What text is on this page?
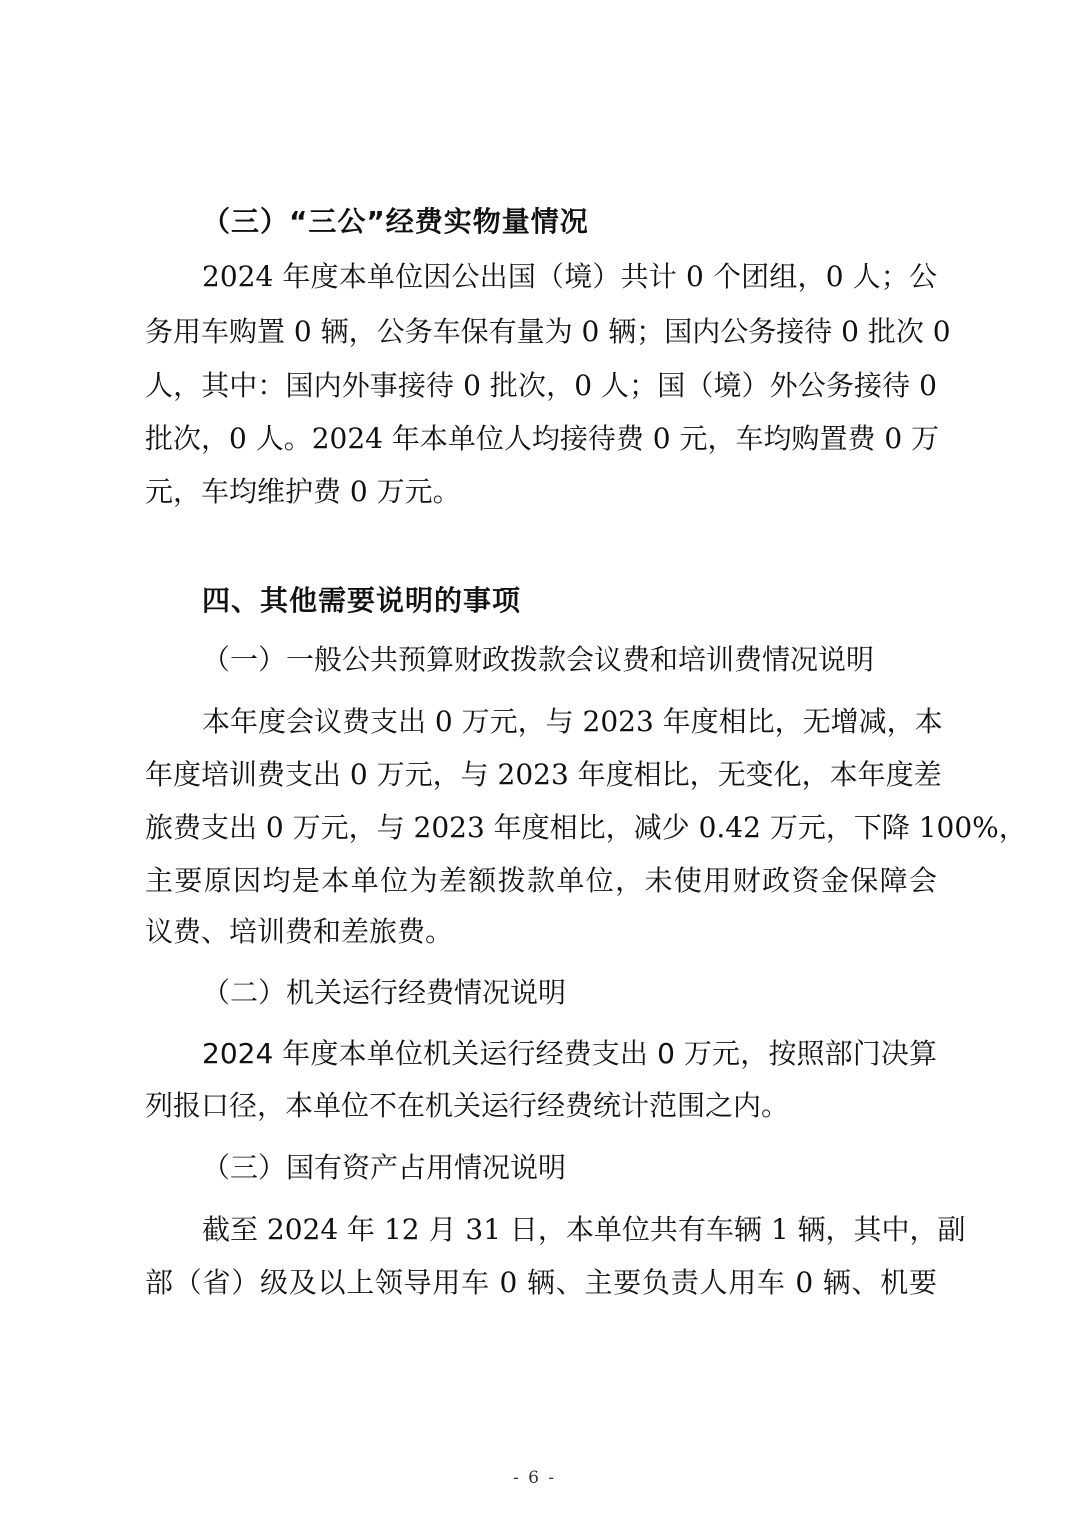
（三）“三公”经费实物量情况
2024 年度本单位因公出国（境）共计 0 个团组，0 人；公
务用车购置 0 辆，公务车保有量为 0 辆；国内公务接待 0 批次 0
人，其中：国内外事接待 0 批次，0 人；国（境）外公务接待 0
批次，0 人。2024 年本单位人均接待费 0 元，车均购置费 0 万
元，车均维护费 0 万元。
四、其他需要说明的事项
（一）一般公共预算财政拨款会议费和培训费情况说明
本年度会议费支出 0 万元，与 2023 年度相比，无增减，本
年度培训费支出 0 万元，与 2023 年度相比，无变化，本年度差
旅费支出 0 万元，与 2023 年度相比，减少 0.42 万元，下降 100%，
主要原因均是本单位为差额拨款单位，未使用财政资金保障会
议费、培训费和差旅费。
（二）机关运行经费情况说明
2024 年度本单位机关运行经费支出 0 万元，按照部门决算
列报口径，本单位不在机关运行经费统计范围之内。
（三）国有资产占用情况说明
截至 2024 年 12 月 31 日，本单位共有车辆 1 辆，其中，副
部（省）级及以上领导用车 0 辆、主要负责人用车 0 辆、机要
- 6 -
